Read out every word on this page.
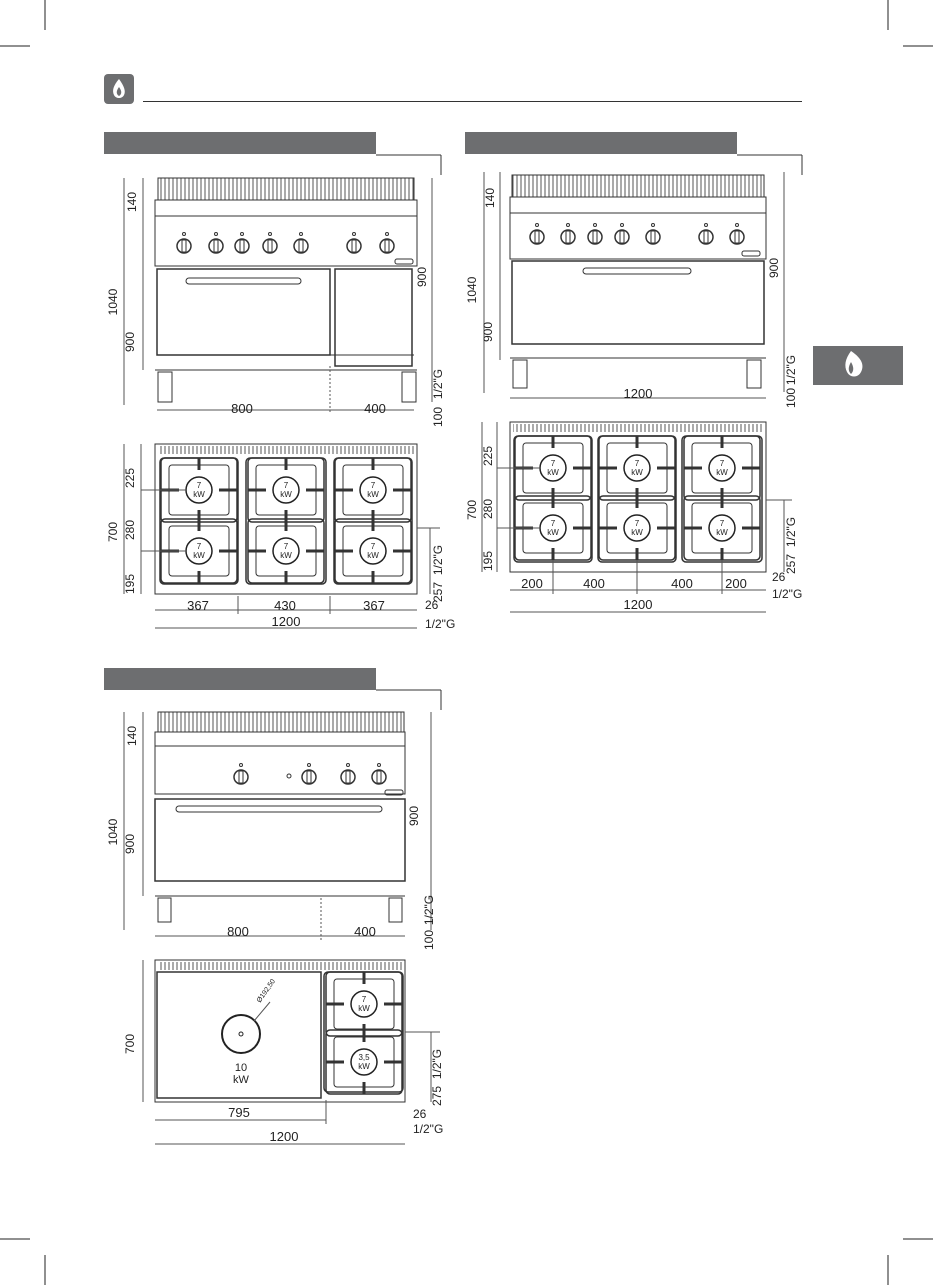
140
1040
900
900
1/2"G
100
800	400
7
kW
7
kW
7
kW
7
kW
7
kW
7
kW
225
700 280
195
367	430	367
1200
1/2"G
257
26
1/2"G
140
1040
900
900
1/2"G
100
1200
7
kW
7
kW
7
kW
7
kW
7
kW
7
kW
225
700 280
195
200	400	400 200
1200
1/2"G
257
26
1/2"G
140
1040 900
900
1/2"G
100
800	400
Ø192,50
10
kW
7
kW
3,5
kW
700
795
1200
1/2"G
275
26
1/2"G
